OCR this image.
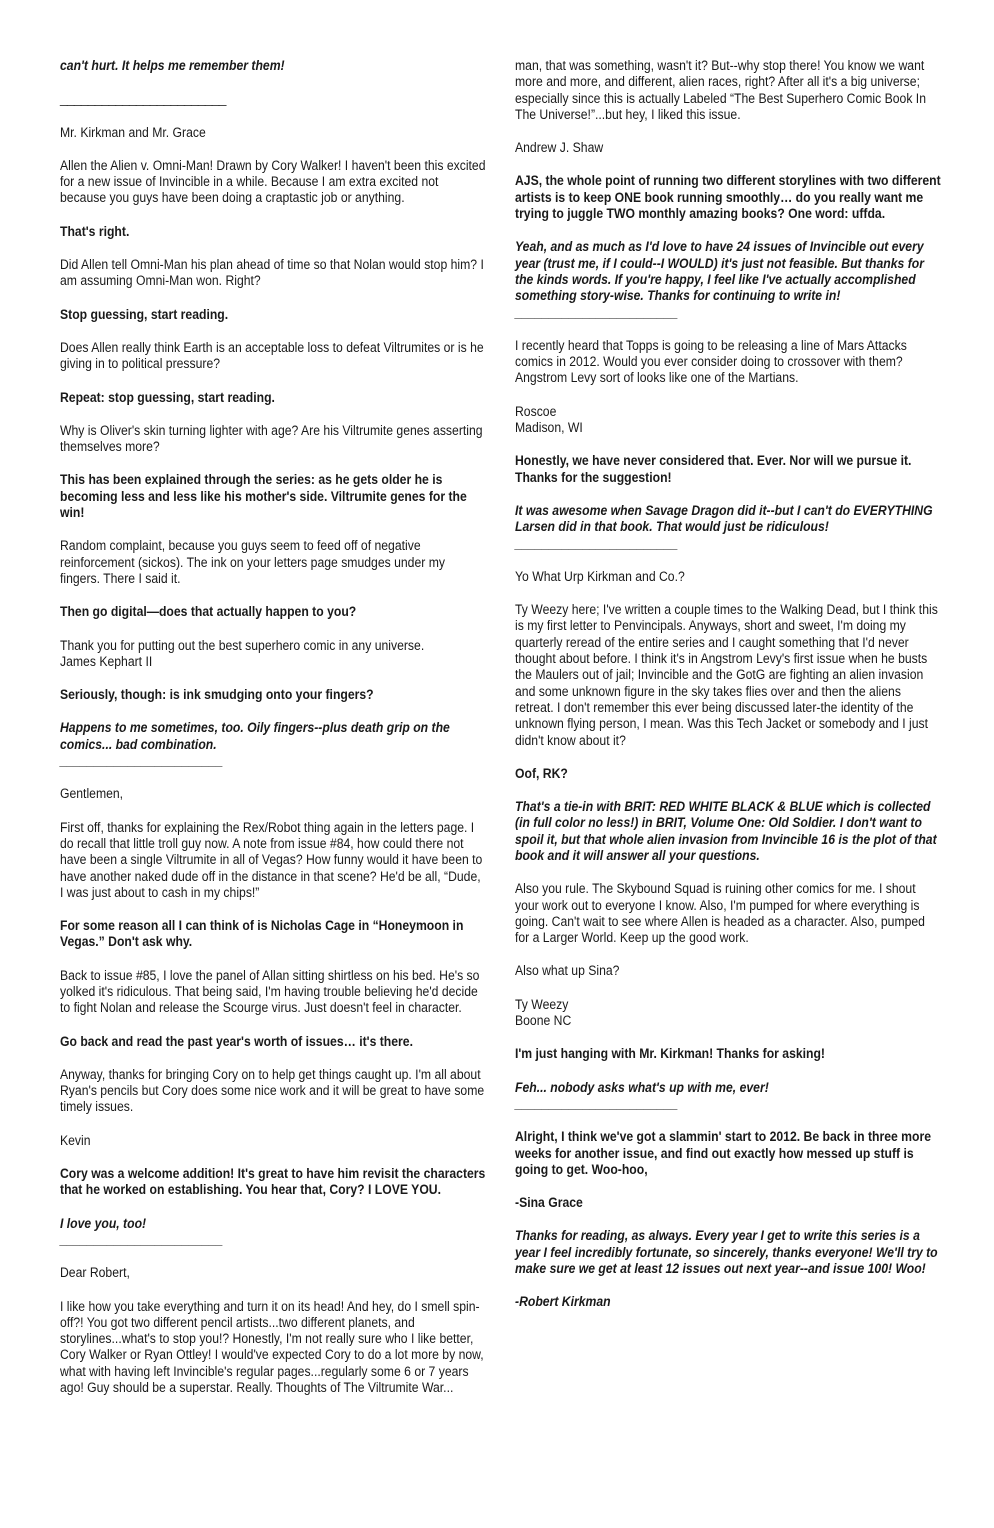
can't hurt. It helps me remember them!

________________________

Mr. Kirkman and Mr. Grace

Allen the Alien v. Omni-Man! Drawn by Cory Walker! I haven't been this excited for a new issue of Invincible in a while. Because I am extra excited not because you guys have been doing a craptastic job or anything.

That's right.

Did Allen tell Omni-Man his plan ahead of time so that Nolan would stop him? I am assuming Omni-Man won. Right?

Stop guessing, start reading.

Does Allen really think Earth is an acceptable loss to defeat Viltrumites or is he giving in to political pressure?

Repeat: stop guessing, start reading.

Why is Oliver's skin turning lighter with age? Are his Viltrumite genes asserting themselves more?

This has been explained through the series: as he gets older he is becoming less and less like his mother's side. Viltrumite genes for the win!

Random complaint, because you guys seem to feed off of negative reinforcement (sickos). The ink on your letters page smudges under my fingers. There I said it.

Then go digital—does that actually happen to you?

Thank you for putting out the best superhero comic in any universe.
James Kephart II

Seriously, though: is ink smudging onto your fingers?

Happens to me sometimes, too. Oily fingers--plus death grip on the comics... bad combination.
________________________

Gentlemen,

First off, thanks for explaining the Rex/Robot thing again in the letters page. I do recall that little troll guy now. A note from issue #84, how could there not have been a single Viltrumite in all of Vegas? How funny would it have been to have another naked dude off in the distance in that scene? He'd be all, “Dude, I was just about to cash in my chips!”

For some reason all I can think of is Nicholas Cage in “Honeymoon in Vegas.” Don't ask why.

Back to issue #85, I love the panel of Allan sitting shirtless on his bed. He's so yolked it's ridiculous. That being said, I'm having trouble believing he'd decide to fight Nolan and release the Scourge virus. Just doesn't feel in character.

Go back and read the past year's worth of issues… it's there.

Anyway, thanks for bringing Cory on to help get things caught up. I'm all about Ryan's pencils but Cory does some nice work and it will be great to have some timely issues.

Kevin

Cory was a welcome addition! It's great to have him revisit the characters that he worked on establishing. You hear that, Cory? I LOVE YOU.

I love you, too!
________________________

Dear Robert,

I like how you take everything and turn it on its head! And hey, do I smell spin-off?! You got two different pencil artists...two different planets, and storylines...what's to stop you!? Honestly, I'm not really sure who I like better, Cory Walker or Ryan Ottley! I would've expected Cory to do a lot more by now, what with having left Invincible's regular pages...regularly some 6 or 7 years ago! Guy should be a superstar. Really. Thoughts of The Viltrumite War...

man, that was something, wasn't it? But--why stop there! You know we want more and more, and different, alien races, right? After all it's a big universe; especially since this is actually Labeled “The Best Superhero Comic Book In The Universe!”...but hey, I liked this issue.

Andrew J. Shaw

AJS, the whole point of running two different storylines with two different artists is to keep ONE book running smoothly… do you really want me trying to juggle TWO monthly amazing books? One word: uffda.

Yeah, and as much as I'd love to have 24 issues of Invincible out every year (trust me, if I could--I WOULD) it's just not feasible. But thanks for the kinds words. If you're happy, I feel like I've actually accomplished something story-wise. Thanks for continuing to write in!
________________________

I recently heard that Topps is going to be releasing a line of Mars Attacks comics in 2012. Would you ever consider doing to crossover with them? Angstrom Levy sort of looks like one of the Martians.

Roscoe
Madison, WI

Honestly, we have never considered that. Ever. Nor will we pursue it. Thanks for the suggestion!

It was awesome when Savage Dragon did it--but I can't do EVERYTHING Larsen did in that book. That would just be ridiculous!
________________________

Yo What Urp Kirkman and Co.?

Ty Weezy here; I've written a couple times to the Walking Dead, but I think this is my first letter to Penvincipals. Anyways, short and sweet, I'm doing my quarterly reread of the entire series and I caught something that I'd never thought about before. I think it's in Angstrom Levy's first issue when he busts the Maulers out of jail; Invincible and the GotG are fighting an alien invasion and some unknown figure in the sky takes flies over and then the aliens retreat. I don't remember this ever being discussed later-the identity of the unknown flying person, I mean. Was this Tech Jacket or somebody and I just didn't know about it?

Oof, RK?

That's a tie-in with BRIT: RED WHITE BLACK & BLUE which is collected (in full color no less!) in BRIT, Volume One: Old Soldier. I don't want to spoil it, but that whole alien invasion from Invincible 16 is the plot of that book and it will answer all your questions.

Also you rule. The Skybound Squad is ruining other comics for me. I shout your work out to everyone I know. Also, I'm pumped for where everything is going. Can't wait to see where Allen is headed as a character. Also, pumped for a Larger World. Keep up the good work.

Also what up Sina?

Ty Weezy
Boone NC

I'm just hanging with Mr. Kirkman! Thanks for asking!

Feh... nobody asks what's up with me, ever!
________________________

Alright, I think we've got a slammin' start to 2012. Be back in three more weeks for another issue, and find out exactly how messed up stuff is going to get. Woo-hoo,

-Sina Grace

Thanks for reading, as always. Every year I get to write this series is a year I feel incredibly fortunate, so sincerely, thanks everyone! We'll try to make sure we get at least 12 issues out next year--and issue 100! Woo!

-Robert Kirkman
